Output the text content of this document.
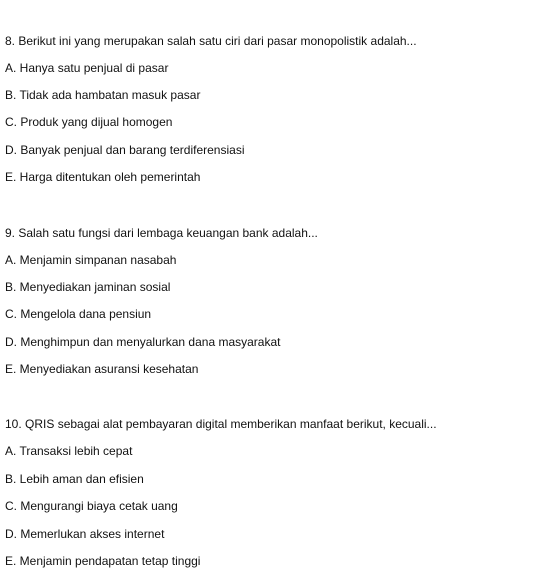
8. Berikut ini yang merupakan salah satu ciri dari pasar monopolistik adalah...
A. Hanya satu penjual di pasar
B. Tidak ada hambatan masuk pasar
C. Produk yang dijual homogen
D. Banyak penjual dan barang terdiferensiasi
E. Harga ditentukan oleh pemerintah
9. Salah satu fungsi dari lembaga keuangan bank adalah...
A. Menjamin simpanan nasabah
B. Menyediakan jaminan sosial
C. Mengelola dana pensiun
D. Menghimpun dan menyalurkan dana masyarakat
E. Menyediakan asuransi kesehatan
10. QRIS sebagai alat pembayaran digital memberikan manfaat berikut, kecuali...
A. Transaksi lebih cepat
B. Lebih aman dan efisien
C. Mengurangi biaya cetak uang
D. Memerlukan akses internet
E. Menjamin pendapatan tetap tinggi
